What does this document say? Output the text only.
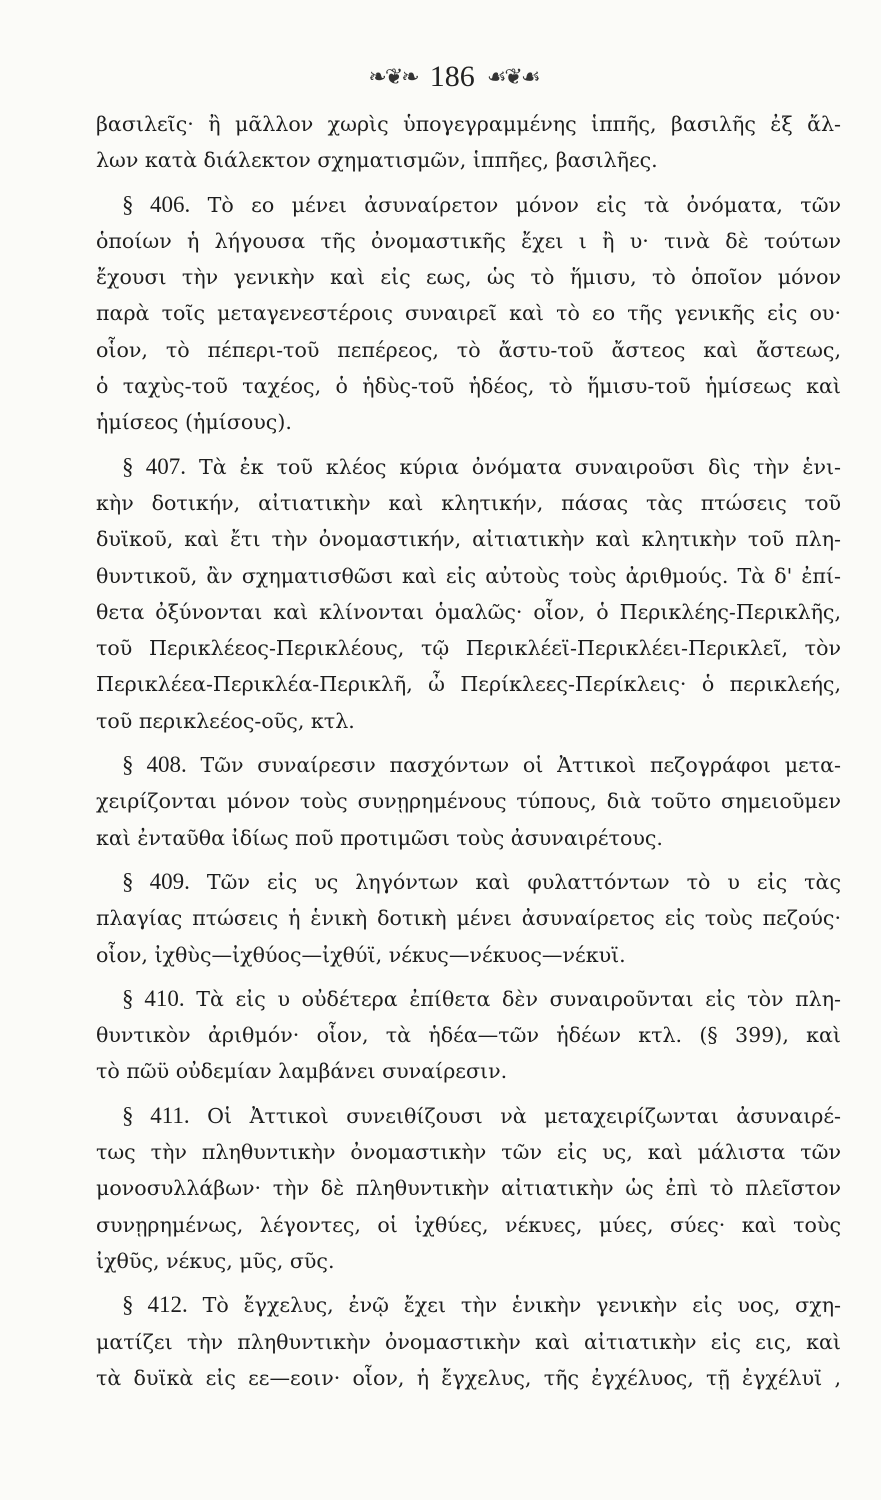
❧❦❧ 186 ☙❦☙
βασιλεῖς· ἢ μᾶλλον χωρὶς ὑπογεγραμμένης ἱππῆς, βασιλῆς ἐξ ἄλ-
λων κατὰ διάλεκτον σχηματισμῶν, ἱππῆες, βασιλῆες.
§ 406. Τὸ εο μένει ἀσυναίρετον μόνον εἰς τὰ ὀνόματα, τῶν
ὁποίων ἡ λήγουσα τῆς ὀνομαστικῆς ἔχει ι ἢ υ· τινὰ δὲ τούτων
ἔχουσι τὴν γενικὴν καὶ εἰς εως, ὡς τὸ ἥμισυ, τὸ ὁποῖον μόνον
παρὰ τοῖς μεταγενεστέροις συναιρεῖ καὶ τὸ εο τῆς γενικῆς εἰς ου·
οἷον, τὸ πέπερι-τοῦ πεπέρεος, τὸ ἄστυ-τοῦ ἄστεος καὶ ἄστεως,
ὁ ταχὺς-τοῦ ταχέος, ὁ ἡδὺς-τοῦ ἡδέος, τὸ ἥμισυ-τοῦ ἡμίσεως καὶ
ἡμίσεος (ἡμίσους).
§ 407. Τὰ ἐκ τοῦ κλέος κύρια ὀνόματα συναιροῦσι δὶς τὴν ἑνι-
κὴν δοτικήν, αἰτιατικὴν καὶ κλητικήν, πάσας τὰς πτώσεις τοῦ
δυϊκοῦ, καὶ ἔτι τὴν ὀνομαστικήν, αἰτιατικὴν καὶ κλητικὴν τοῦ πλη-
θυντικοῦ, ἂν σχηματισθῶσι καὶ εἰς αὐτοὺς τοὺς ἀριθμούς. Τὰ δ' ἐπί-
θετα ὀξύνονται καὶ κλίνονται ὁμαλῶς· οἷον, ὁ Περικλέης-Περικλῆς,
τοῦ Περικλέεος-Περικλέους, τῷ Περικλέεϊ-Περικλέει-Περικλεῖ, τὸν
Περικλέεα-Περικλέα-Περικλῆ, ὦ Περίκλεες-Περίκλεις· ὁ περικλεής,
τοῦ περικλεέος-οῦς, κτλ.
§ 408. Τῶν συναίρεσιν πασχόντων οἱ Ἀττικοὶ πεζογράφοι μετα-
χειρίζονται μόνον τοὺς συνῃρημένους τύπους, διὰ τοῦτο σημειοῦμεν
καὶ ἐνταῦθα ἰδίως ποῦ προτιμῶσι τοὺς ἀσυναιρέτους.
§ 409. Τῶν εἰς υς ληγόντων καὶ φυλαττόντων τὸ υ εἰς τὰς
πλαγίας πτώσεις ἡ ἑνικὴ δοτικὴ μένει ἀσυναίρετος εἰς τοὺς πεζούς·
οἷον, ἰχθὺς—ἰχθύος—ἰχθύϊ, νέκυς—νέκυος—νέκυϊ.
§ 410. Τὰ εἰς υ οὐδέτερα ἐπίθετα δὲν συναιροῦνται εἰς τὸν πλη-
θυντικὸν ἀριθμόν· οἷον, τὰ ἡδέα—τῶν ἡδέων κτλ. (§ 399), καὶ
τὸ πῶϋ οὐδεμίαν λαμβάνει συναίρεσιν.
§ 411. Οἱ Ἀττικοὶ συνειθίζουσι νὰ μεταχειρίζωνται ἀσυναιρέ-
τως τὴν πληθυντικὴν ὀνομαστικὴν τῶν εἰς υς, καὶ μάλιστα τῶν
μονοσυλλάβων· τὴν δὲ πληθυντικὴν αἰτιατικὴν ὡς ἐπὶ τὸ πλεῖστον
συνῃρημένως, λέγοντες, οἱ ἰχθύες, νέκυες, μύες, σύες· καὶ τοὺς
ἰχθῦς, νέκυς, μῦς, σῦς.
§ 412. Τὸ ἔγχελυς, ἐνῷ ἔχει τὴν ἑνικὴν γενικὴν εἰς υος, σχη-
ματίζει τὴν πληθυντικὴν ὀνομαστικὴν καὶ αἰτιατικὴν εἰς εις, καὶ
τὰ δυϊκὰ εἰς εε—εοιν· οἷον, ἡ ἔγχελυς, τῆς ἐγχέλυος, τῇ ἐγχέλυϊ ,
